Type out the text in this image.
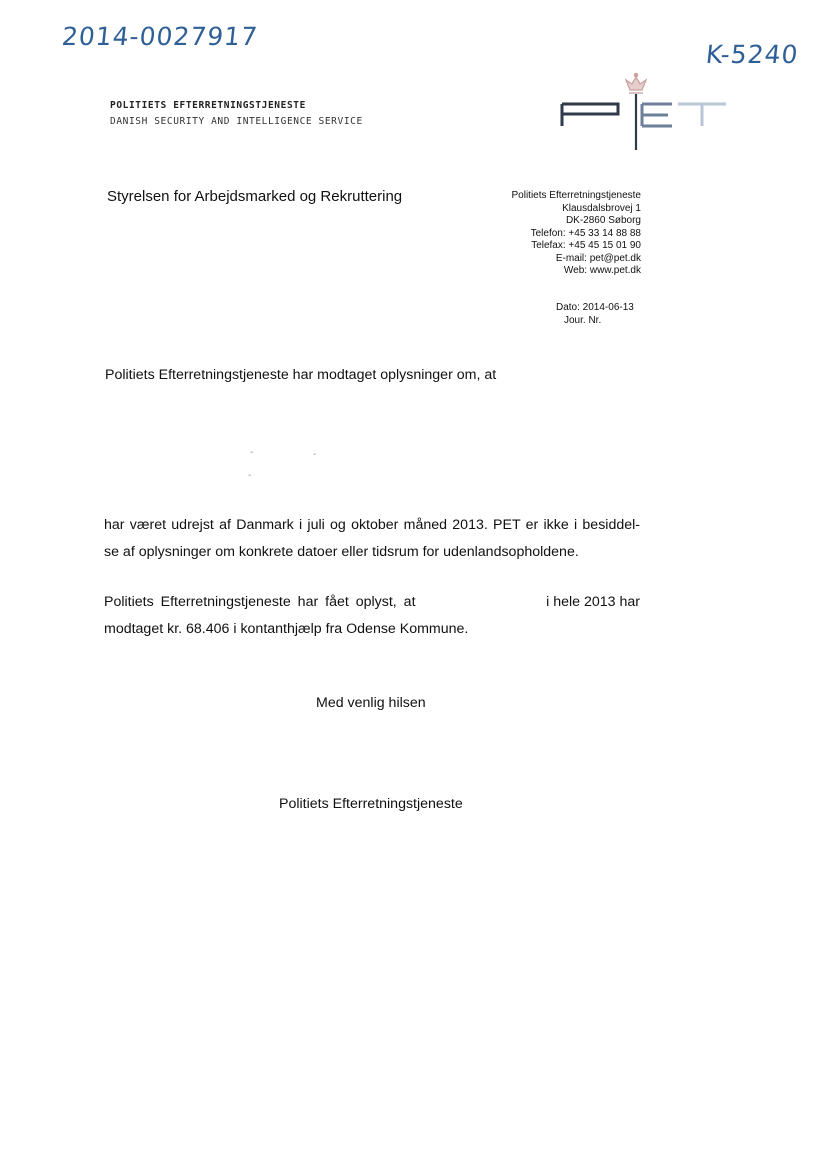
2014-0027917
K-5240
POLITIETS EFTERRETNINGSTJENESTE
DANISH SECURITY AND INTELLIGENCE SERVICE
Styrelsen for Arbejdsmarked og Rekruttering	Politiets Efterretningstjeneste
Klausdalsbrovej 1
DK-2860 Søborg
Telefon: +45 33 14 88 88
Telefax: +45 45 15 01 90
E-mail: pet@pet.dk
Web: www.pet.dk
Dato: 2014-06-13
Jour. Nr.
Politiets Efterretningstjeneste har modtaget oplysninger om, at
-	-
-
har været udrejst af Danmark i juli og oktober måned 2013. PET er ikke i besiddel-
se af oplysninger om konkrete datoer eller tidsrum for udenlandsopholdene.
Politiets Efterretningstjeneste har fået oplyst, at	i hele 2013 har
modtaget kr. 68.406 i kontanthjælp fra Odense Kommune.
Med venlig hilsen
Politiets Efterretningstjeneste
